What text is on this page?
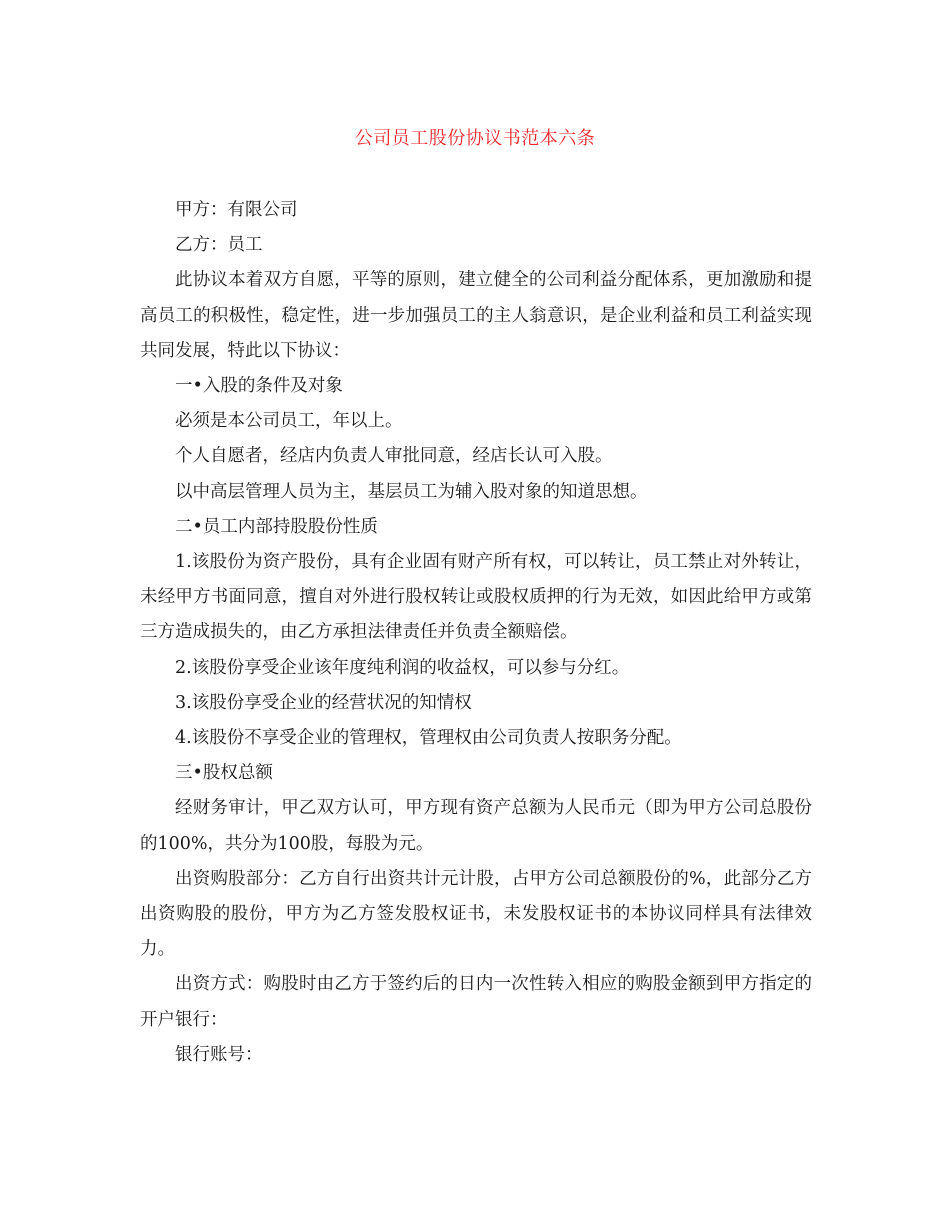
公司员工股份协议书范本六条

甲方：有限公司

乙方：员工

此协议本着双方自愿，平等的原则，建立健全的公司利益分配体系，更加激励和提高员工的积极性，稳定性，进一步加强员工的主人翁意识，是企业利益和员工利益实现共同发展，特此以下协议：

一•入股的条件及对象

必须是本公司员工，年以上。

个人自愿者，经店内负责人审批同意，经店长认可入股。

以中高层管理人员为主，基层员工为辅入股对象的知道思想。

二•员工内部持股股份性质

1.该股份为资产股份，具有企业固有财产所有权，可以转让，员工禁止对外转让，未经甲方书面同意，擅自对外进行股权转让或股权质押的行为无效，如因此给甲方或第三方造成损失的，由乙方承担法律责任并负责全额赔偿。

2.该股份享受企业该年度纯利润的收益权，可以参与分红。

3.该股份享受企业的经营状况的知情权

4.该股份不享受企业的管理权，管理权由公司负责人按职务分配。

三•股权总额

经财务审计，甲乙双方认可，甲方现有资产总额为人民币元（即为甲方公司总股份的100%，共分为100股，每股为元。

出资购股部分：乙方自行出资共计元计股，占甲方公司总额股份的%，此部分乙方出资购股的股份，甲方为乙方签发股权证书，未发股权证书的本协议同样具有法律效力。

出资方式：购股时由乙方于签约后的日内一次性转入相应的购股金额到甲方指定的开户银行：

银行账号：
